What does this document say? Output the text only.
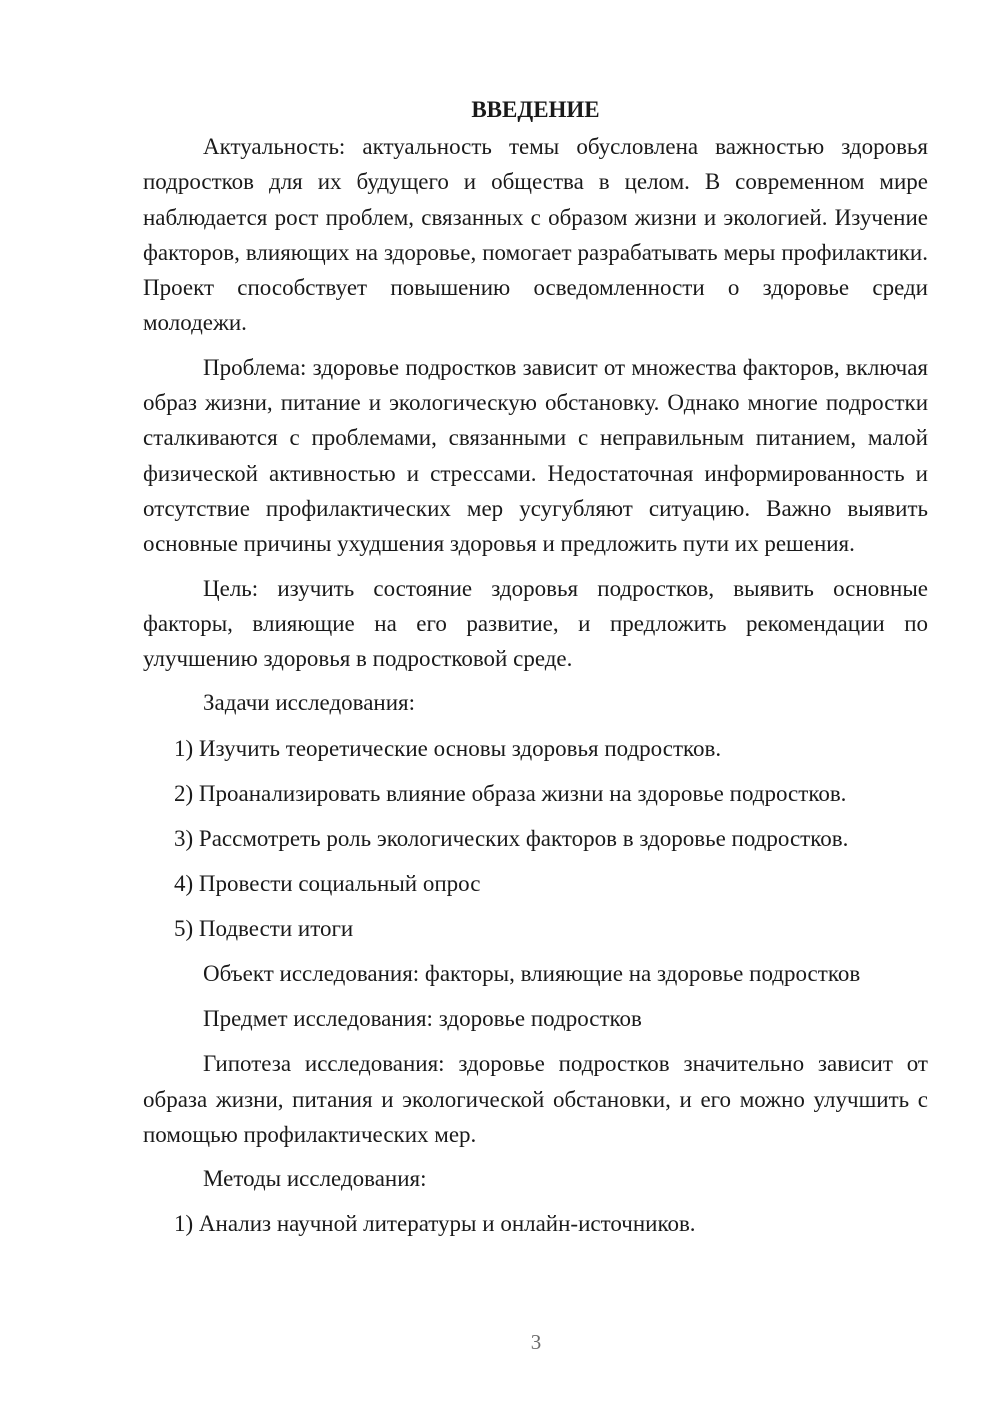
ВВЕДЕНИЕ

Актуальность: актуальность темы обусловлена важностью здоровья подростков для их будущего и общества в целом. В современном мире наблюдается рост проблем, связанных с образом жизни и экологией. Изучение факторов, влияющих на здоровье, помогает разрабатывать меры профилактики. Проект способствует повышению осведомленности о здоровье среди молодежи.

Проблема: здоровье подростков зависит от множества факторов, включая образ жизни, питание и экологическую обстановку. Однако многие подростки сталкиваются с проблемами, связанными с неправильным питанием, малой физической активностью и стрессами. Недостаточная информированность и отсутствие профилактических мер усугубляют ситуацию. Важно выявить основные причины ухудшения здоровья и предложить пути их решения.

Цель: изучить состояние здоровья подростков, выявить основные факторы, влияющие на его развитие, и предложить рекомендации по улучшению здоровья в подростковой среде.

Задачи исследования:
1) Изучить теоретические основы здоровья подростков.
2) Проанализировать влияние образа жизни на здоровье подростков.
3) Рассмотреть роль экологических факторов в здоровье подростков.
4) Провести социальный опрос
5) Подвести итоги
Объект исследования: факторы, влияющие на здоровье подростков
Предмет исследования: здоровье подростков

Гипотеза исследования: здоровье подростков значительно зависит от образа жизни, питания и экологической обстановки, и его можно улучшить с помощью профилактических мер.

Методы исследования:
1) Анализ научной литературы и онлайн-источников.
3
